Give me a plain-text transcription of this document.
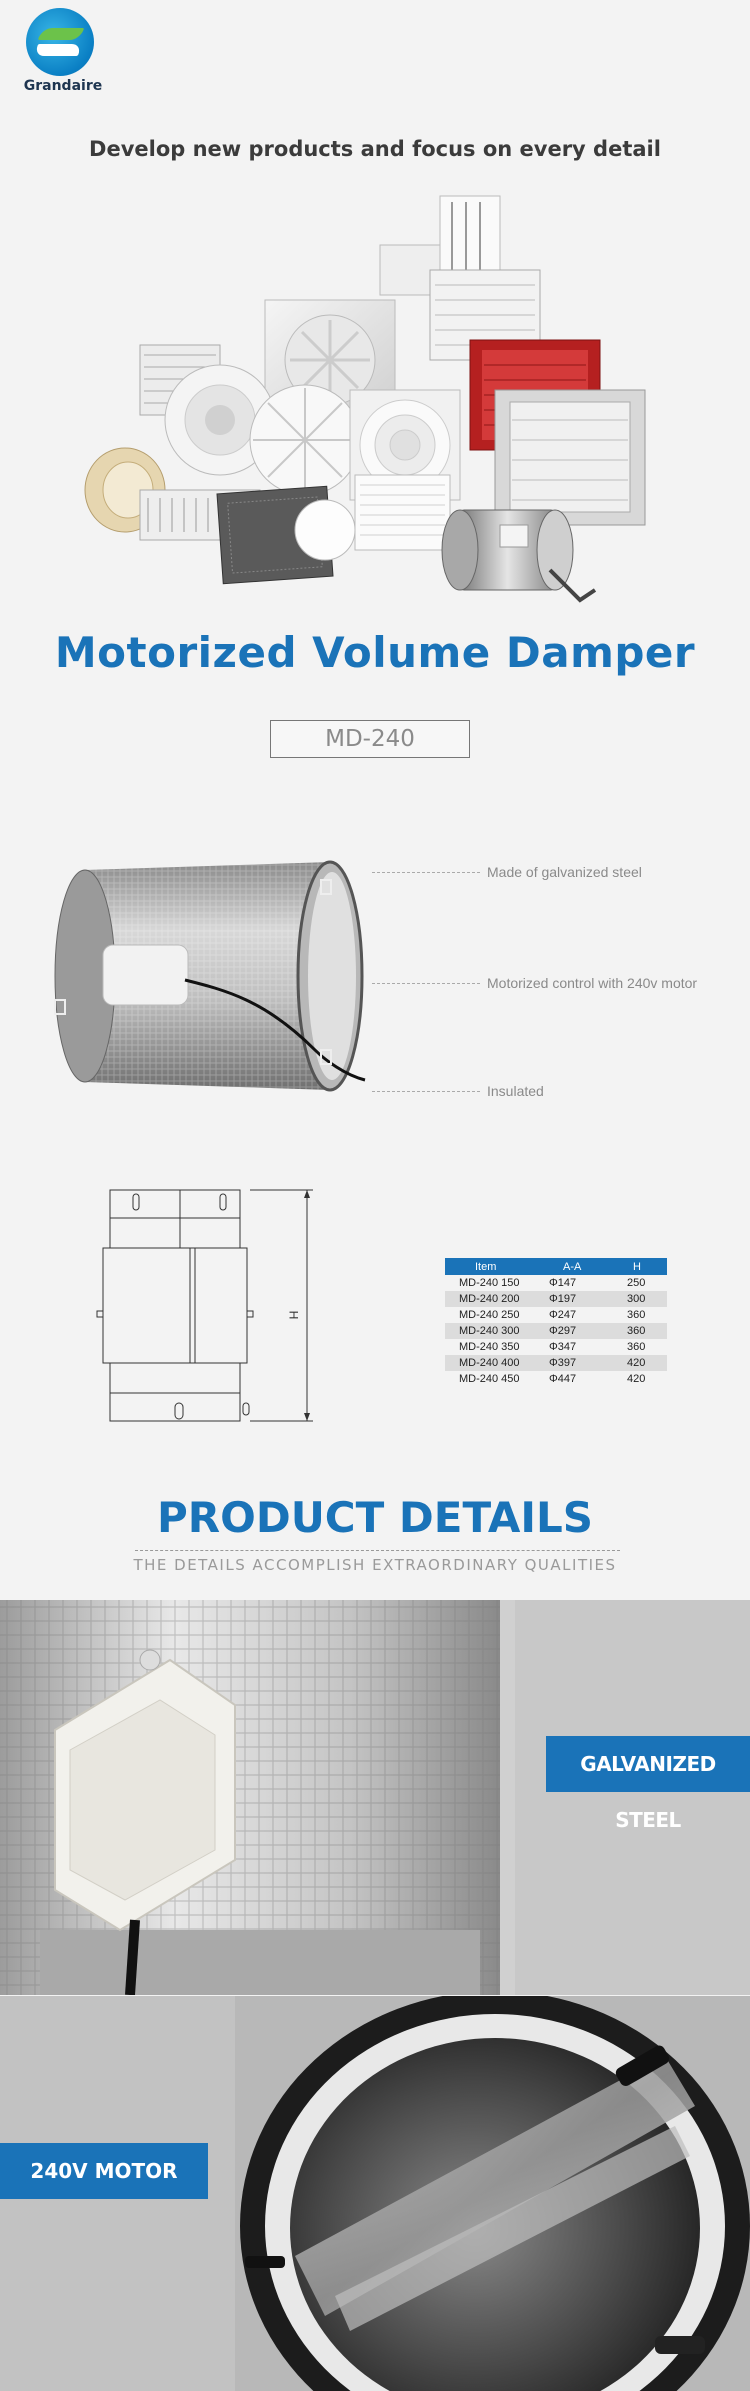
Grandaire
Develop new products and focus on every detail
Motorized Volume Damper
MD-240
Made of galvanized steel
Motorized control with 240v motor
Insulated
H
Item	A-A	H
MD-240 150	Φ147	250
MD-240 200	Φ197	300
MD-240 250	Φ247	360
MD-240 300	Φ297	360
MD-240 350	Φ347	360
MD-240 400	Φ397	420
MD-240 450	Φ447	420
PRODUCT DETAILS
THE DETAILS ACCOMPLISH EXTRAORDINARY QUALITIES
GALVANIZED STEEL
240V MOTOR
